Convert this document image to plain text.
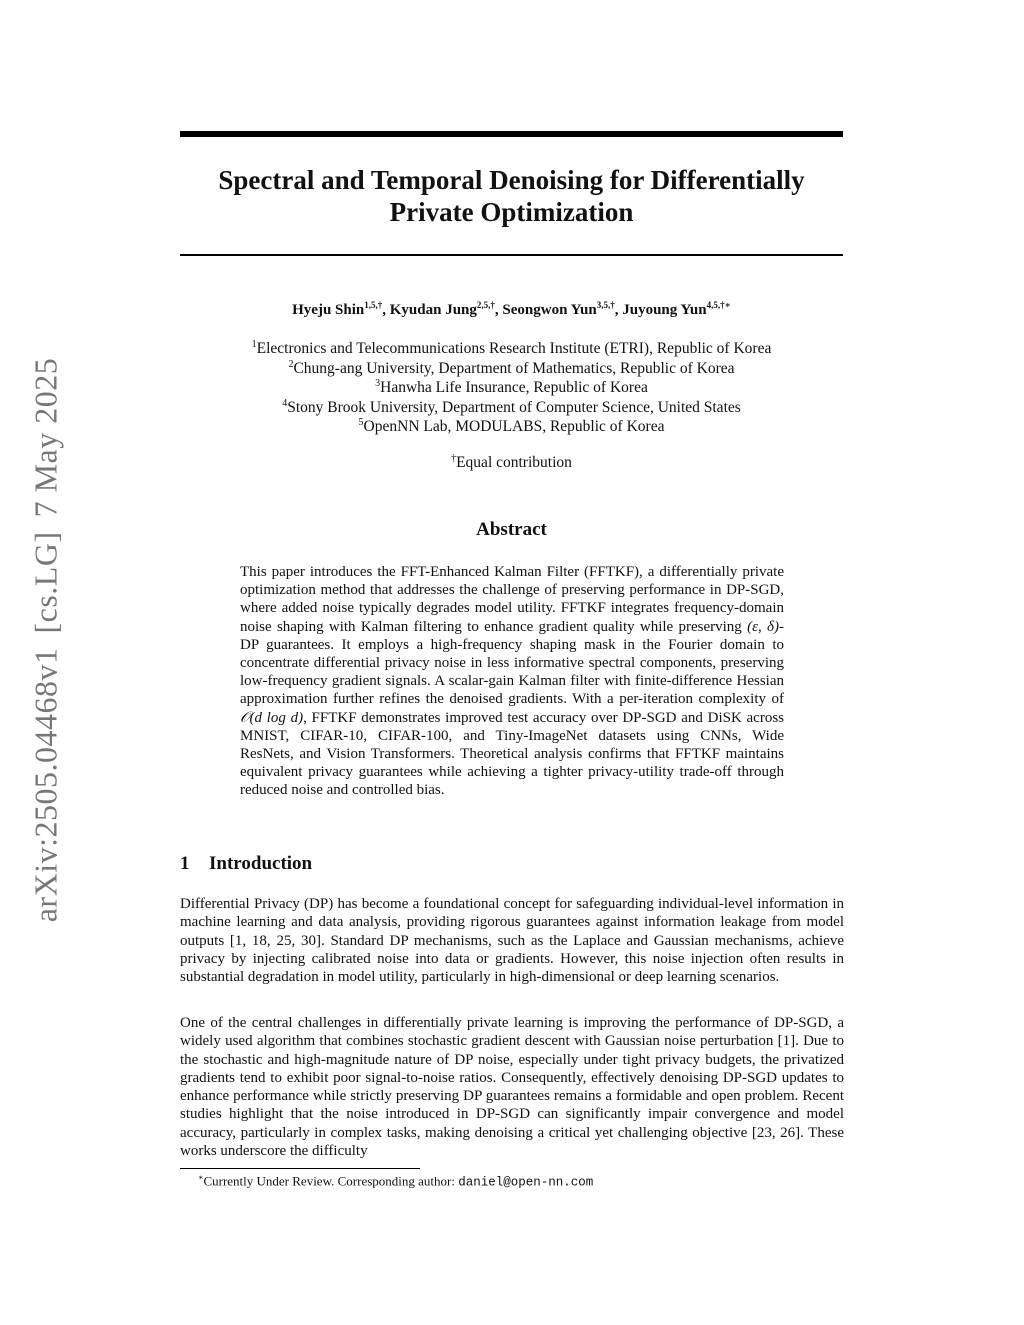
arXiv:2505.04468v1[cs.LG]7 May 2025
Spectral and Temporal Denoising for Differentially
Private Optimization
Hyeju Shin$^{1,5,\dagger}$, Kyudan Jung$^{2,5,\dagger}$, Seongwon Yun$^{3,5,\dagger}$, Juyoung Yun$^{4,5,\dagger∗}$
$^1$Electronics and Telecommunications Research Institute (ETRI), Republic of Korea
$^2$Chung-ang University, Department of Mathematics, Republic of Korea
$^3$Hanwha Life Insurance, Republic of Korea
$^4$Stony Brook University, Department of Computer Science, United States
$^5$OpenNN Lab, MODULABS, Republic of Korea
†Equal contribution
Abstract

This paper introduces the FFT-Enhanced Kalman Filter (FFTKF), a differentially private optimization method that addresses the challenge of preserving performance in DP-SGD, where added noise typically degrades model utility. FFTKF integrates frequency-domain noise shaping with Kalman filtering to enhance gradient quality while preserving (ε, δ)-DP guarantees. It employs a high-frequency shaping mask in the Fourier domain to concentrate differential privacy noise in less informative spectral components, preserving low-frequency gradient signals. A scalar-gain Kalman filter with finite-difference Hessian approximation further refines the denoised gradients. With a per-iteration complexity of 𝒪(d log d), FFTKF demonstrates improved test accuracy over DP-SGD and DiSK across MNIST, CIFAR-10, CIFAR-100, and Tiny-ImageNet datasets using CNNs, Wide ResNets, and Vision Transformers. Theoretical analysis confirms that FFTKF maintains equivalent privacy guarantees while achieving a tighter privacy-utility trade-off through reduced noise and controlled bias.

1 Introduction

Differential Privacy (DP) has become a foundational concept for safeguarding individual-level information in machine learning and data analysis, providing rigorous guarantees against information leakage from model outputs [1, 18, 25, 30]. Standard DP mechanisms, such as the Laplace and Gaussian mechanisms, achieve privacy by injecting calibrated noise into data or gradients. However, this noise injection often results in substantial degradation in model utility, particularly in high-dimensional or deep learning scenarios.

One of the central challenges in differentially private learning is improving the performance of DP-SGD, a widely used algorithm that combines stochastic gradient descent with Gaussian noise perturbation [1]. Due to the stochastic and high-magnitude nature of DP noise, especially under tight privacy budgets, the privatized gradients tend to exhibit poor signal-to-noise ratios. Consequently, effectively denoising DP-SGD updates to enhance performance while strictly preserving DP guarantees remains a formidable and open problem. Recent studies highlight that the noise introduced in DP-SGD can significantly impair convergence and model accuracy, particularly in complex tasks, making denoising a critical yet challenging objective [23, 26]. These works underscore the difficulty

∗Currently Under Review. Corresponding author: daniel@open-nn.com
